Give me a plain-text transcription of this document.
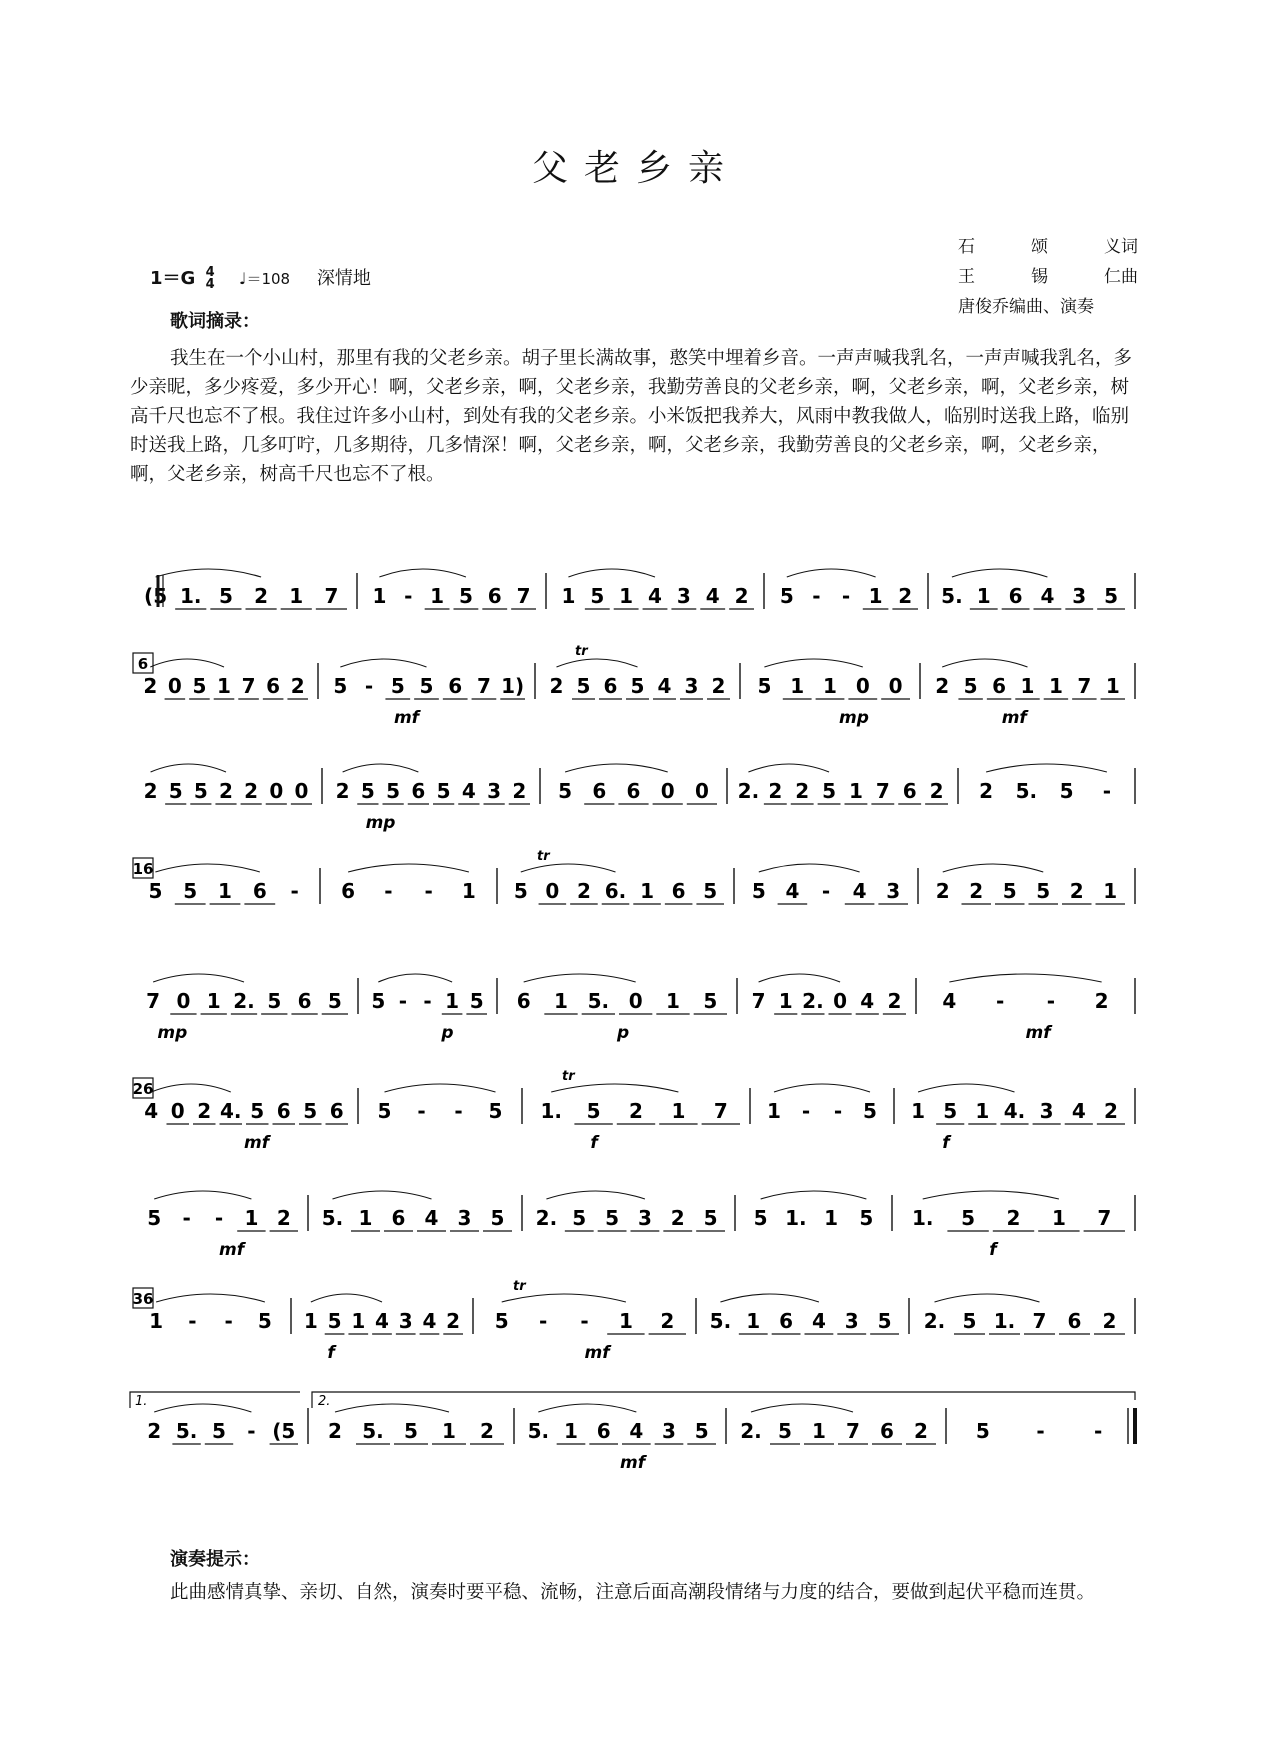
父老乡亲
石	颂	义词
王	锡	仁曲
唐俊乔编曲、演奏
1＝G 4
4 ♩＝108 深情地
歌词摘录：
我生在一个小山村，那里有我的父老乡亲。胡子里长满故事，憨笑中埋着乡音。一声声喊我乳名，一声声喊我乳名，多少亲昵，多少疼爱，多少开心！啊，父老乡亲，啊，父老乡亲，我勤劳善良的父老乡亲，啊，父老乡亲，啊，父老乡亲，树高千尺也忘不了根。我住过许多小山村，到处有我的父老乡亲。小米饭把我养大，风雨中教我做人，临别时送我上路，临别时送我上路，几多叮咛，几多期待，几多情深！啊，父老乡亲，啊，父老乡亲，我勤劳善良的父老乡亲，啊，父老乡亲，啊，父老乡亲，树高千尺也忘不了根。
(5 1. 5 2 1 7 1 - 1 5 6 7 1 5 1 4 3 4 2 5 - - 1 2 5. 1 6 4 3 5
6
2 0 5 1 7 6 2 5 - 5 5 6 7 1) 2 5 6 5 4 3 2 5 1 1 0 0 2 5 6 1 1 7 1
tr
2 5 5 2 2 0 0 2 5 5 6 5 4 3 2 5 6 6 0 0 2. 2 2 5 1 7 6 2 2 5. 5 -
16
5 5 1 6 - 6 - - 1 5 0 2 6. 1 6 5 5 4 - 4 3 2 2 5 5 2 1
tr
7 0 1 2. 5 6 5 5 - - 1 5 6 1 5. 0 1 5 7 1 2. 0 4 2 4 - - 2
26
4 0 2 4. 5 6 5 6 5 - - 5 1. 5 2 1 7 1 - - 5 1 5 1 4. 3 4 2
tr
5 - - 1 2 5. 1 6 4 3 5 2. 5 5 3 2 5 5 1. 1 5 1. 5 2 1 7
36
1 - - 5 1 5 1 4 3 4 2 5 - - 1 2 5. 1 6 4 3 5 2. 5 1. 7 6 2
tr
2 5. 5 - (5 2 5. 5 1 2 5. 1 6 4 3 5 2. 5 1 7 6 2 5 - -
1.	2.
mf	mp	mf
mp
mp	p	p	mf
mf	f	f
mf	f
f	mf
mf
演奏提示：
此曲感情真挚、亲切、自然，演奏时要平稳、流畅，注意后面高潮段情绪与力度的结合，要做到起伏平稳而连贯。
